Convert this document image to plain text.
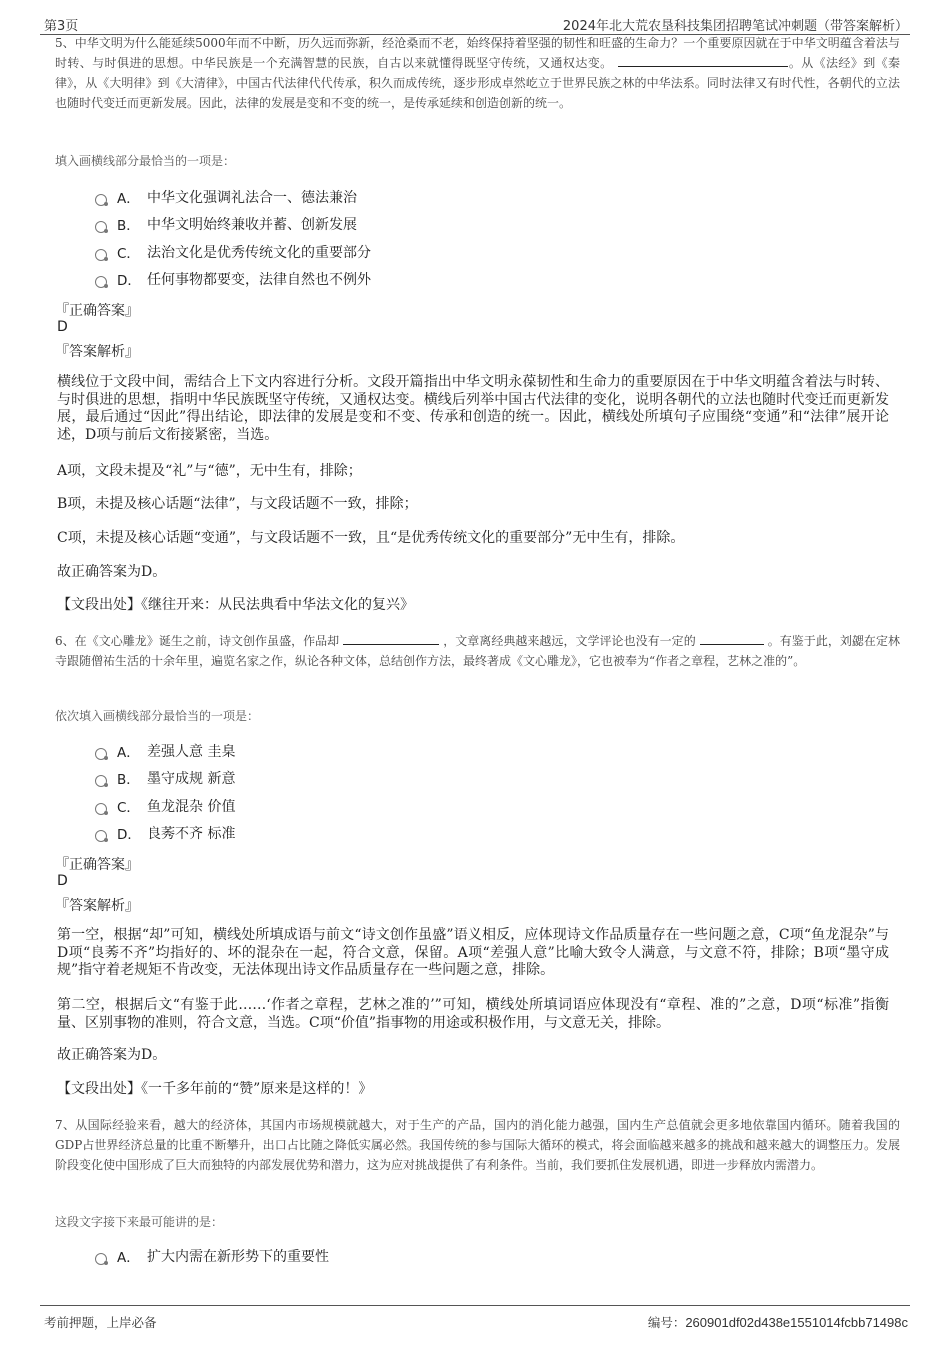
第3页	2024年北大荒农垦科技集团招聘笔试冲刺题（带答案解析）
5、中华文明为什么能延续5000年而不中断，历久远而弥新，经沧桑而不老，始终保持着坚强的韧性和旺盛的生命力？一个重要原因就在于中华文明蕴含着法与时转、与时俱进的思想。中华民族是一个充满智慧的民族，自古以来就懂得既坚守传统，又通权达变。	。从《法经》到《秦律》，从《大明律》到《大清律》，中国古代法律代代传承，积久而成传统，逐步形成卓然屹立于世界民族之林的中华法系。同时法律又有时代性，各朝代的立法也随时代变迁而更新发展。因此，法律的发展是变和不变的统一，是传承延续和创造创新的统一。
填入画横线部分最恰当的一项是：
A． 中华文化强调礼法合一、德法兼治
B． 中华文明始终兼收并蓄、创新发展
C． 法治文化是优秀传统文化的重要部分
D． 任何事物都要变，法律自然也不例外
『正确答案』
D
『答案解析』
横线位于文段中间，需结合上下文内容进行分析。文段开篇指出中华文明永葆韧性和生命力的重要原因在于中华文明蕴含着法与时转、与时俱进的思想，指明中华民族既坚守传统，又通权达变。横线后列举中国古代法律的变化，说明各朝代的立法也随时代变迁而更新发展，最后通过“因此”得出结论，即法律的发展是变和不变、传承和创造的统一。因此，横线处所填句子应围绕“变通”和“法律”展开论述，D项与前后文衔接紧密，当选。
A项，文段未提及“礼”与“德”，无中生有，排除；
B项，未提及核心话题“法律”，与文段话题不一致，排除；
C项，未提及核心话题“变通”，与文段话题不一致，且“是优秀传统文化的重要部分”无中生有，排除。
故正确答案为D。
【文段出处】《继往开来：从民法典看中华法文化的复兴》
6、在《文心雕龙》诞生之前，诗文创作虽盛，作品却	，文章离经典越来越远，文学评论也没有一定的	。有鉴于此，刘勰在定林寺跟随僧祐生活的十余年里，遍览名家之作，纵论各种文体，总结创作方法，最终著成《文心雕龙》，它也被奉为“作者之章程，艺林之准的”。
依次填入画横线部分最恰当的一项是：
A． 差强人意 圭臬
B． 墨守成规 新意
C． 鱼龙混杂 价值
D． 良莠不齐 标准
『正确答案』
D
『答案解析』
第一空，根据“却”可知，横线处所填成语与前文“诗文创作虽盛”语义相反，应体现诗文作品质量存在一些问题之意，C项“鱼龙混杂”与D项“良莠不齐”均指好的、坏的混杂在一起，符合文意，保留。A项“差强人意”比喻大致令人满意，与文意不符，排除；B项“墨守成规”指守着老规矩不肯改变，无法体现出诗文作品质量存在一些问题之意，排除。
第二空，根据后文“有鉴于此……‘作者之章程，艺林之准的’”可知，横线处所填词语应体现没有“章程、准的”之意，D项“标准”指衡量、区别事物的准则，符合文意，当选。C项“价值”指事物的用途或积极作用，与文意无关，排除。
故正确答案为D。
【文段出处】《一千多年前的“赞”原来是这样的！》
7、从国际经验来看，越大的经济体，其国内市场规模就越大，对于生产的产品，国内的消化能力越强，国内生产总值就会更多地依靠国内循环。随着我国的GDP占世界经济总量的比重不断攀升，出口占比随之降低实属必然。我国传统的参与国际大循环的模式，将会面临越来越多的挑战和越来越大的调整压力。发展阶段变化使中国形成了巨大而独特的内部发展优势和潜力，这为应对挑战提供了有利条件。当前，我们要抓住发展机遇，即进一步释放内需潜力。
这段文字接下来最可能讲的是：
A． 扩大内需在新形势下的重要性
考前押题，上岸必备	编号：260901df02d438e1551014fcbb71498c
